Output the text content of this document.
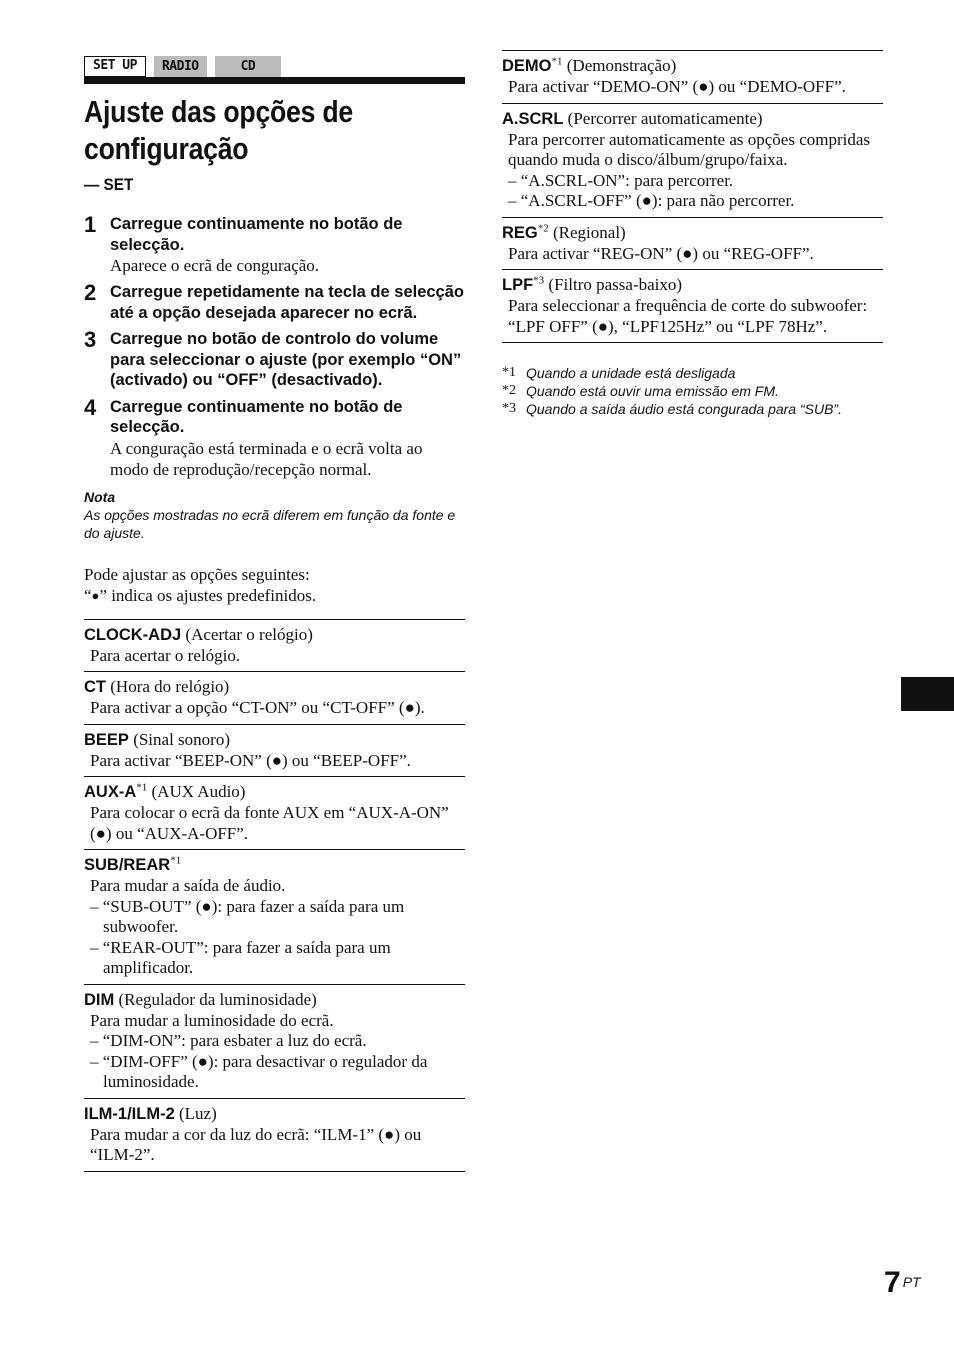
SET UP	RADIO	CD
Ajuste das opções de configuração
— SET
1 Carregue continuamente no botão de selecção.
Aparece o ecrã de conguração.
2 Carregue repetidamente na tecla de selecção até a opção desejada aparecer no ecrã.
3 Carregue no botão de controlo do volume para seleccionar o ajuste (por exemplo “ON” (activado) ou “OFF” (desactivado).
4 Carregue continuamente no botão de selecção.
A conguração está terminada e o ecrã volta ao modo de reprodução/recepção normal.
Nota
As opções mostradas no ecrã diferem em função da fonte e do ajuste.
Pode ajustar as opções seguintes:
“●” indica os ajustes predefinidos.
CLOCK-ADJ (Acertar o relógio)
Para acertar o relógio.
CT (Hora do relógio)
Para activar a opção “CT-ON” ou “CT-OFF” (●).
BEEP (Sinal sonoro)
Para activar “BEEP-ON” (●) ou “BEEP-OFF”.
AUX-$A^{*1}$ (AUX Audio)
Para colocar o ecrã da fonte AUX em “AUX-A-ON” (●) ou “AUX-A-OFF”.
SUB/REAR$^{*1}$
Para mudar a saída de áudio.
– “SUB-OUT” (●): para fazer a saída para um subwoofer.
– “REAR-OUT”: para fazer a saída para um amplificador.
DIM (Regulador da luminosidade)
Para mudar a luminosidade do ecrã.
– “DIM-ON”: para esbater a luz do ecrã.
– “DIM-OFF” (●): para desactivar o regulador da luminosidade.
ILM-1/ILM-2 (Luz)
Para mudar a cor da luz do ecrã: “ILM-1” (●) ou “ILM-2”.
DEMO$^{*1}$ (Demonstração)
Para activar “DEMO-ON” (●) ou “DEMO-OFF”.
A.SCRL (Percorrer automaticamente)
Para percorrer automaticamente as opções compridas quando muda o disco/álbum/grupo/faixa.
– “A.SCRL-ON”: para percorrer.
– “A.SCRL-OFF” (●): para não percorrer.
REG$^{*2}$ (Regional)
Para activar “REG-ON” (●) ou “REG-OFF”.
LPF$^{*3}$ (Filtro passa-baixo)
Para seleccionar a frequência de corte do subwoofer: “LPF OFF” (●), “LPF125Hz” ou “LPF 78Hz”.
*1 Quando a unidade está desligada
*2 Quando está ouvir uma emissão em FM.
*3 Quando a saída áudio está congurada para “SUB”.
7 PT
